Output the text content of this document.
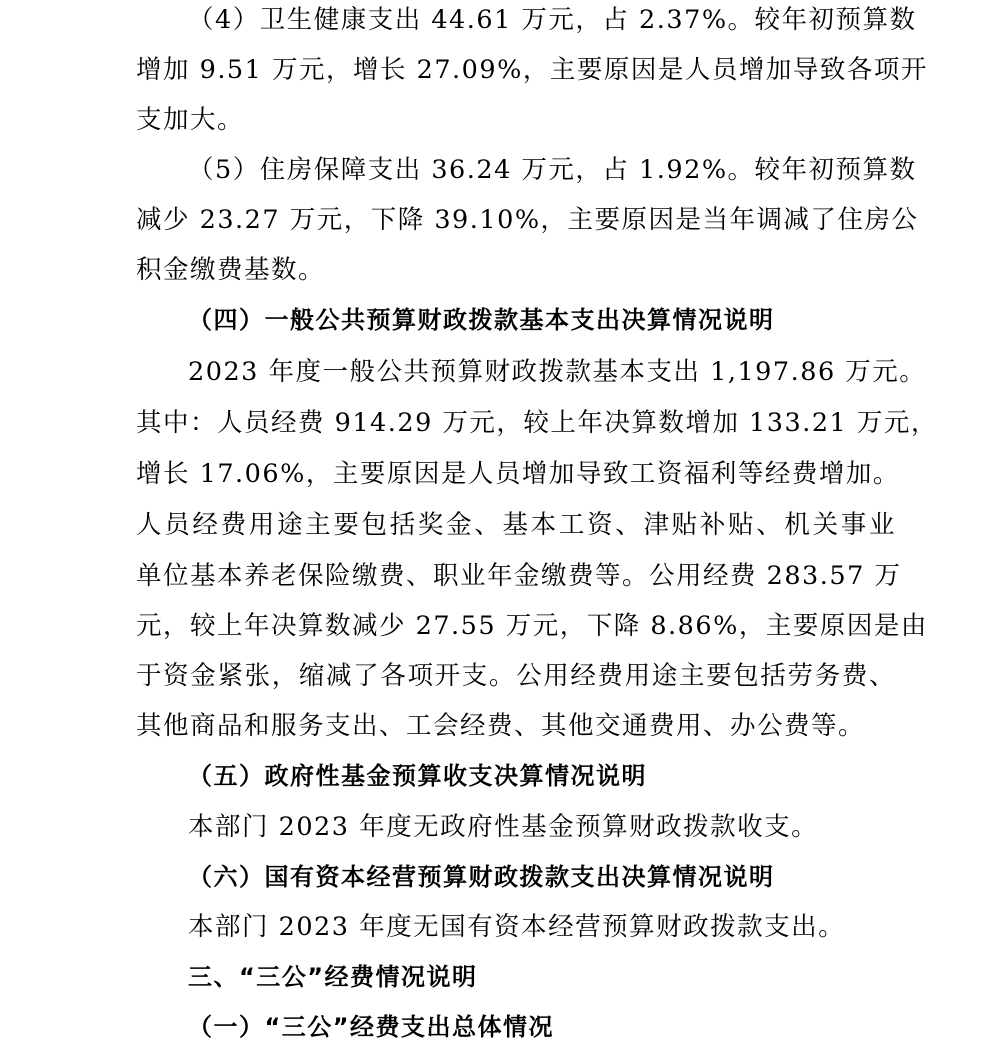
（4）卫生健康支出 44.61 万元，占 2.37%。较年初预算数
增加 9.51 万元，增长 27.09%，主要原因是人员增加导致各项开
支加大。
（5）住房保障支出 36.24 万元，占 1.92%。较年初预算数
减少 23.27 万元，下降 39.10%，主要原因是当年调减了住房公
积金缴费基数。
（四）一般公共预算财政拨款基本支出决算情况说明
2023 年度一般公共预算财政拨款基本支出 1,197.86 万元。
其中：人员经费 914.29 万元，较上年决算数增加 133.21 万元，
增长 17.06%，主要原因是人员增加导致工资福利等经费增加。
人员经费用途主要包括奖金、基本工资、津贴补贴、机关事业
单位基本养老保险缴费、职业年金缴费等。公用经费 283.57 万
元，较上年决算数减少 27.55 万元，下降 8.86%，主要原因是由
于资金紧张，缩减了各项开支。公用经费用途主要包括劳务费、
其他商品和服务支出、工会经费、其他交通费用、办公费等。
（五）政府性基金预算收支决算情况说明
本部门 2023 年度无政府性基金预算财政拨款收支。
（六）国有资本经营预算财政拨款支出决算情况说明
本部门 2023 年度无国有资本经营预算财政拨款支出。
三、“三公”经费情况说明
（一）“三公”经费支出总体情况
